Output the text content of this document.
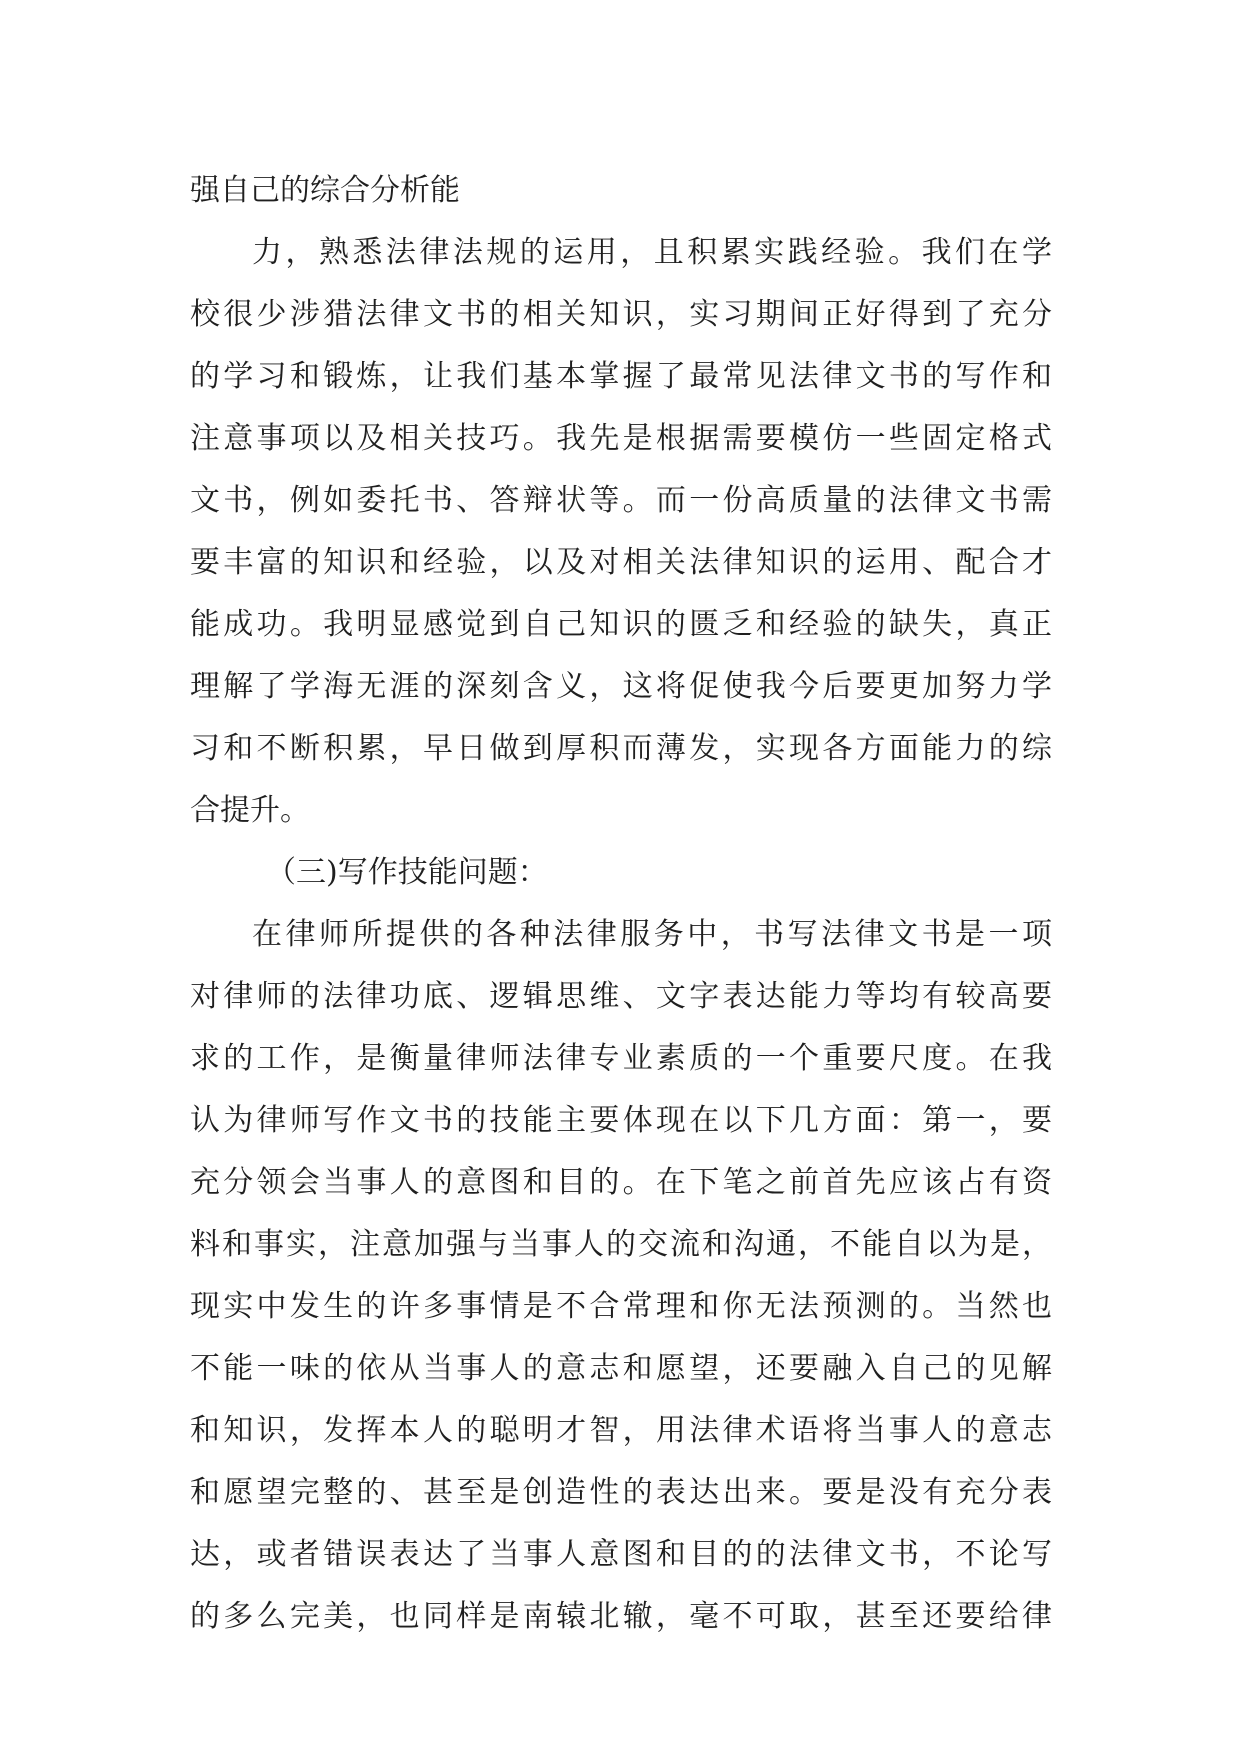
强自己的综合分析能
力，熟悉法律法规的运用，且积累实践经验。我们在学
校很少涉猎法律文书的相关知识，实习期间正好得到了充分
的学习和锻炼，让我们基本掌握了最常见法律文书的写作和
注意事项以及相关技巧。我先是根据需要模仿一些固定格式
文书，例如委托书、答辩状等。而一份高质量的法律文书需
要丰富的知识和经验，以及对相关法律知识的运用、配合才
能成功。我明显感觉到自己知识的匮乏和经验的缺失，真正
理解了学海无涯的深刻含义，这将促使我今后要更加努力学
习和不断积累，早日做到厚积而薄发，实现各方面能力的综
合提升。
（三)写作技能问题：
在律师所提供的各种法律服务中，书写法律文书是一项
对律师的法律功底、逻辑思维、文字表达能力等均有较高要
求的工作，是衡量律师法律专业素质的一个重要尺度。在我
认为律师写作文书的技能主要体现在以下几方面：第一，要
充分领会当事人的意图和目的。在下笔之前首先应该占有资
料和事实，注意加强与当事人的交流和沟通，不能自以为是，
现实中发生的许多事情是不合常理和你无法预测的。当然也
不能一味的依从当事人的意志和愿望，还要融入自己的见解
和知识，发挥本人的聪明才智，用法律术语将当事人的意志
和愿望完整的、甚至是创造性的表达出来。要是没有充分表
达，或者错误表达了当事人意图和目的的法律文书，不论写
的多么完美，也同样是南辕北辙，毫不可取，甚至还要给律
